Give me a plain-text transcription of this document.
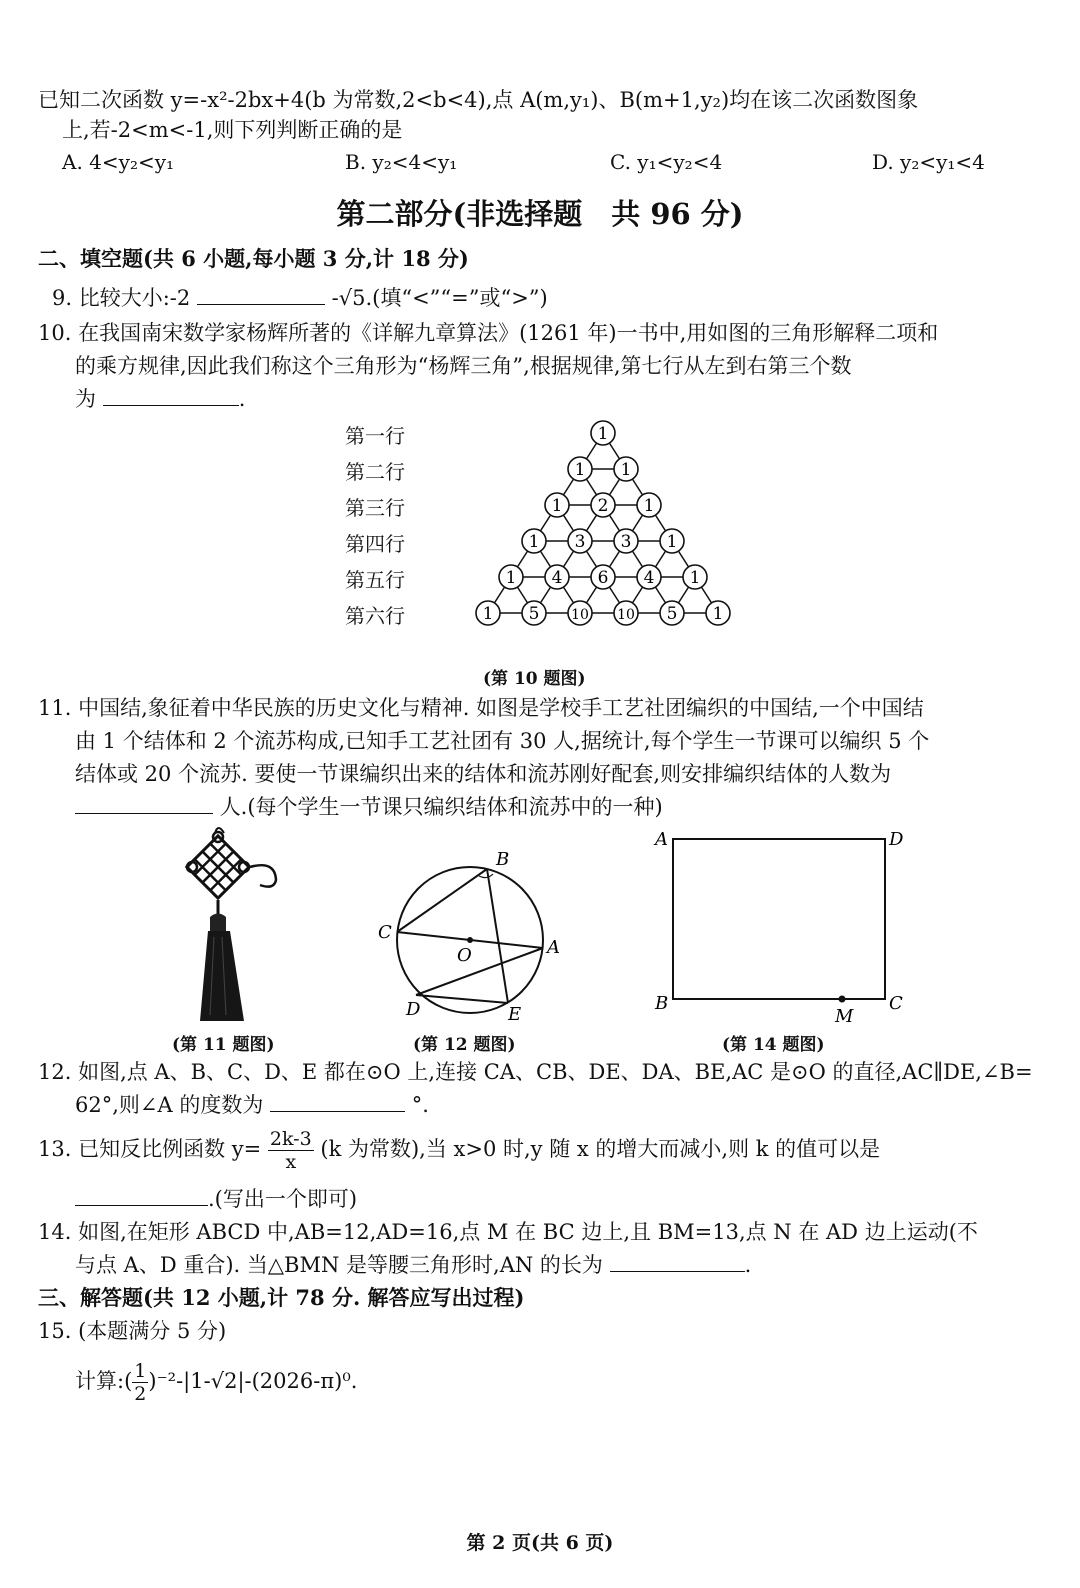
已知二次函数 y=-x²-2bx+4(b 为常数,2<b<4),点 A(m,y₁)、B(m+1,y₂)均在该二次函数图象
上,若-2<m<-1,则下列判断正确的是
A. 4<y₂<y₁	B. y₂<4<y₁	C. y₁<y₂<4	D. y₂<y₁<4
第二部分(非选择题　共 96 分)
二、填空题(共 6 小题,每小题 3 分,计 18 分)
9. 比较大小:-2	-√5.(填“<”“=”或“>”)
10. 在我国南宋数学家杨辉所著的《详解九章算法》(1261 年)一书中,用如图的三角形解释二项和
的乘方规律,因此我们称这个三角形为“杨辉三角”,根据规律,第七行从左到右第三个数
为	.
第一行
第二行
第三行
第四行
第五行
第六行
1
1 1
1 2 1
1 3 3 1
1 4 6 4 1
1 5 10 10 5 1
(第 10 题图)
11. 中国结,象征着中华民族的历史文化与精神. 如图是学校手工艺社团编织的中国结,一个中国结
由 1 个结体和 2 个流苏构成,已知手工艺社团有 30 人,据统计,每个学生一节课可以编织 5 个
结体或 20 个流苏. 要使一节课编织出来的结体和流苏刚好配套,则安排编织结体的人数为
人.(每个学生一节课只编织结体和流苏中的一种)
(第 11 题图)
B
C
O	A
D	E
(第 12 题图)
A	D
B	C
M
(第 14 题图)
12. 如图,点 A、B、C、D、E 都在⊙O 上,连接 CA、CB、DE、DA、BE,AC 是⊙O 的直径,AC∥DE,∠B=
62°,则∠A 的度数为	°.
13. 已知反比例函数 $y= \frac{2k-3}{x} (k$ 为常数),当 x>0 时,y 随 x 的增大而减小,则 k 的值可以是
.(写出一个即可)
14. 如图,在矩形 ABCD 中,AB=12,AD=16,点 M 在 BC 边上,且 BM=13,点 N 在 AD 边上运动(不
与点 A、D 重合). 当△BMN 是等腰三角形时,AN 的长为	.
三、解答题(共 12 小题,计 78 分. 解答应写出过程)
15. (本题满分 5 分)
计算:( $\frac{1}{2} )^{-2}-|1-√2|-(2026-\pi)^0$.
第 2 页(共 6 页)
